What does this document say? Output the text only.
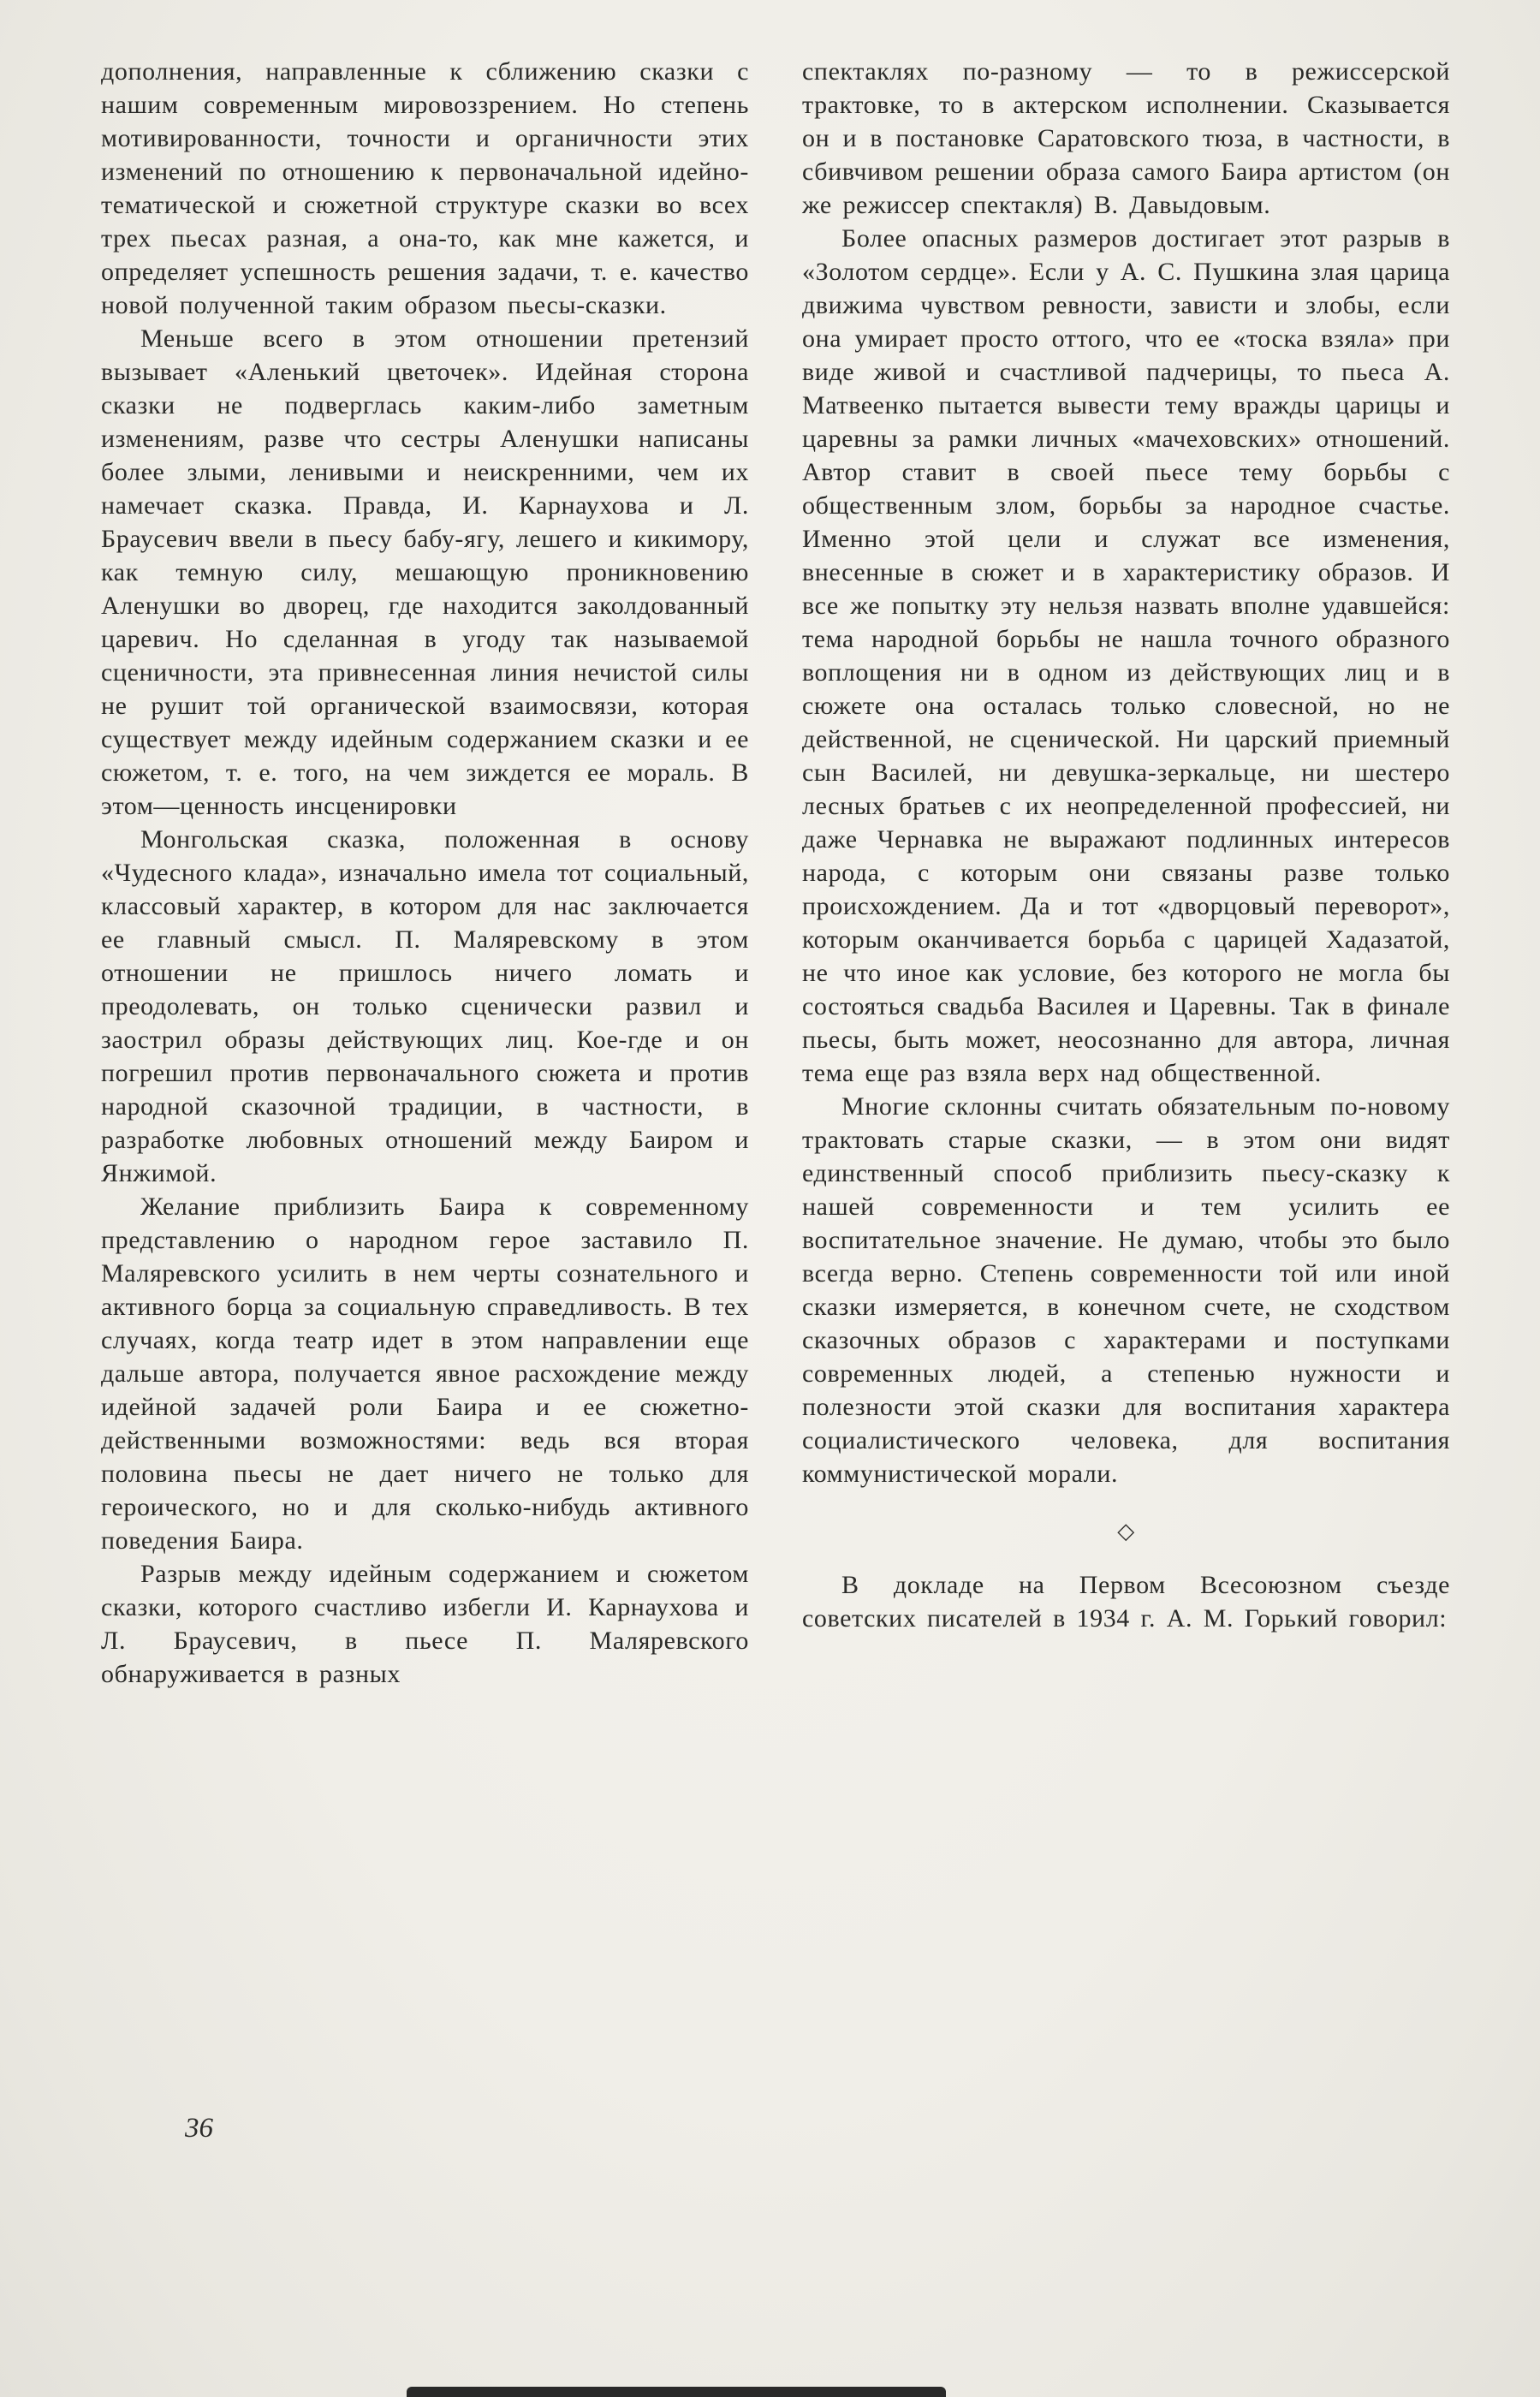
дополнения, направленные к сближению сказки с нашим современным мировоззрением. Но степень мотивированности, точности и органичности этих изменений по отношению к первоначальной идейно-тематической и сюжетной структуре сказки во всех трех пьесах разная, а она-то, как мне кажется, и определяет успешность решения задачи, т. е. качество новой полученной таким образом пьесы-сказки.

Меньше всего в этом отношении претензий вызывает «Аленький цветочек». Идейная сторона сказки не подверглась каким-либо заметным изменениям, разве что сестры Аленушки написаны более злыми, ленивыми и неискренними, чем их намечает сказка. Правда, И. Карнаухова и Л. Браусевич ввели в пьесу бабу-ягу, лешего и кикимору, как темную силу, мешающую проникновению Аленушки во дворец, где находится заколдованный царевич. Но сделанная в угоду так называемой сценичности, эта привнесенная линия нечистой силы не рушит той органической взаимосвязи, которая существует между идейным содержанием сказки и ее сюжетом, т. е. того, на чем зиждется ее мораль. В этом—ценность инсценировки

Монгольская сказка, положенная в основу «Чудесного клада», изначально имела тот социальный, классовый характер, в котором для нас заключается ее главный смысл. П. Маляревскому в этом отношении не пришлось ничего ломать и преодолевать, он только сценически развил и заострил образы действующих лиц. Кое-где и он погрешил против первоначального сюжета и против народной сказочной традиции, в частности, в разработке любовных отношений между Баиром и Янжимой.

Желание приблизить Баира к современному представлению о народном герое заставило П. Маляревского усилить в нем черты сознательного и активного борца за социальную справедливость. В тех случаях, когда театр идет в этом направлении еще дальше автора, получается явное расхождение между идейной задачей роли Баира и ее сюжетно-действенными возможностями: ведь вся вторая половина пьесы не дает ничего не только для героического, но и для сколько-нибудь активного поведения Баира.

Разрыв между идейным содержанием и сюжетом сказки, которого счастливо избегли И. Карнаухова и Л. Браусевич, в пьесе П. Маляревского обнаруживается в разных

спектаклях по-разному — то в режиссерской трактовке, то в актерском исполнении. Сказывается он и в постановке Саратовского тюза, в частности, в сбивчивом решении образа самого Баира артистом (он же режиссер спектакля) В. Давыдовым.

Более опасных размеров достигает этот разрыв в «Золотом сердце». Если у А. С. Пушкина злая царица движима чувством ревности, зависти и злобы, если она умирает просто оттого, что ее «тоска взяла» при виде живой и счастливой падчерицы, то пьеса А. Матвеенко пытается вывести тему вражды царицы и царевны за рамки личных «мачеховских» отношений. Автор ставит в своей пьесе тему борьбы с общественным злом, борьбы за народное счастье. Именно этой цели и служат все изменения, внесенные в сюжет и в характеристику образов. И все же попытку эту нельзя назвать вполне удавшейся: тема народной борьбы не нашла точного образного воплощения ни в одном из действующих лиц и в сюжете она осталась только словесной, но не действенной, не сценической. Ни царский приемный сын Василей, ни девушка-зеркальце, ни шестеро лесных братьев с их неопределенной профессией, ни даже Чернавка не выражают подлинных интересов народа, с которым они связаны разве только происхождением. Да и тот «дворцовый переворот», которым оканчивается борьба с царицей Хадазатой, не что иное как условие, без которого не могла бы состояться свадьба Василея и Царевны. Так в финале пьесы, быть может, неосознанно для автора, личная тема еще раз взяла верх над общественной.

Многие склонны считать обязательным по-новому трактовать старые сказки, — в этом они видят единственный способ приблизить пьесу-сказку к нашей современности и тем усилить ее воспитательное значение. Не думаю, чтобы это было всегда верно. Степень современности той или иной сказки измеряется, в конечном счете, не сходством сказочных образов с характерами и поступками современных людей, а степенью нужности и полезности этой сказки для воспитания характера социалистического человека, для воспитания коммунистической морали.

◇

В докладе на Первом Всесоюзном съезде советских писателей в 1934 г. А. М. Горький говорил:

36
